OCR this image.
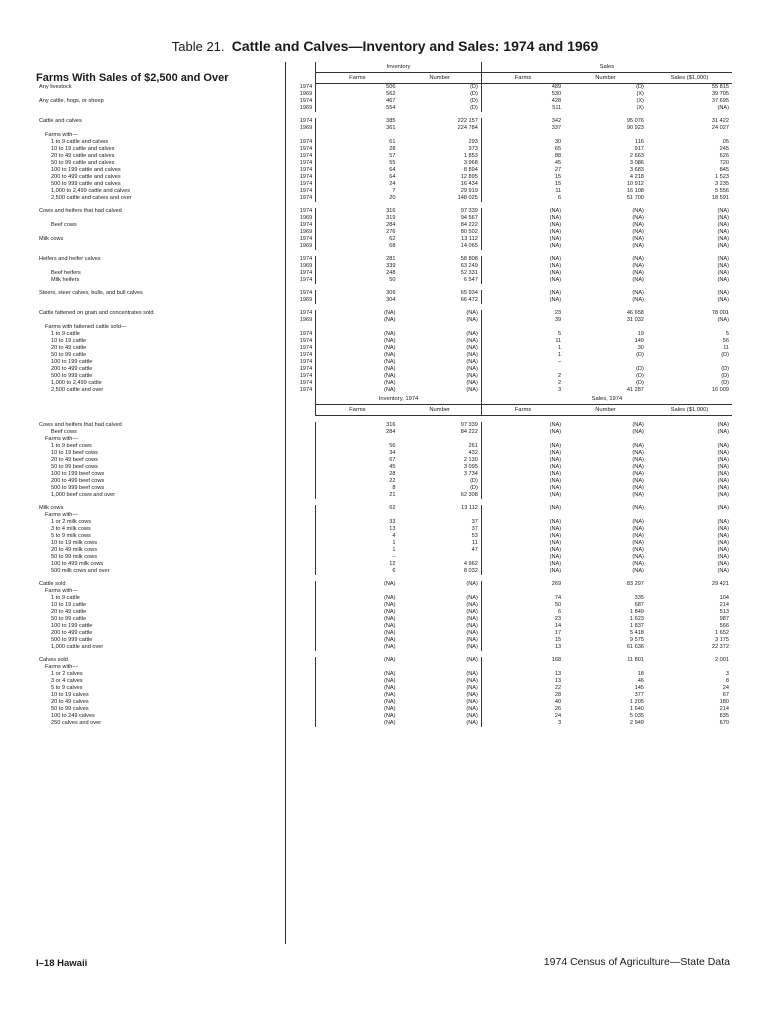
Table 21. Cattle and Calves—Inventory and Sales: 1974 and 1969
Farms With Sales of $2,500 and Over
	Inventory		Sales		
	Farms	Number	Farms	Number	Sales ($1,000)
Any livestock 1974	506	(D)	489	(D)	55 815

1969	562	(D)	530	(X)	39 705
Any cattle, hogs, or sheep 1974	467	(D)	428	(X)	37 695

1969	554	(D)	511	(X)	(NA)

Cattle and calves 1974	385	222 157	342	95 076	31 422

1969	361	224 784	337	90 923	24 027
Farms with—					
1 to 9 cattle and calves 1974	61	293	30	116	05
10 to 19 cattle and calves 1974	28	373	65	917	245
20 to 49 cattle and calves 1974	57	1 853	88	2 663	626
50 to 99 cattle and calves 1974	55	3 968	45	3 086	720
100 to 199 cattle and calves 1974	64	8 894	27	3 683	845
200 to 499 cattle and calves 1974	64	12 895	15	4 218	1 523
500 to 999 cattle and calves 1974	24	16 434	15	10 912	3 235
1,000 to 2,499 cattle and calves 1974	7	29 919	11	16 108	5 556
2,500 cattle and calves and over 1974	20	148 025	6	51 700	18 591

Cows and heifers that had calved 1974	316	97 339	(NA)	(NA)	(NA)

1969	319	94 567	(NA)	(NA)	(NA)
Beef cows 1974	284	84 222	(NA)	(NA)	(NA)

1969	276	80 502	(NA)	(NA)	(NA)
Milk cows 1974	62	13 112	(NA)	(NA)	(NA)

1969	68	14 065	(NA)	(NA)	(NA)

Heifers and heifer calves 1974	281	58 808	(NA)	(NA)	(NA)

1969	339	63 249	(NA)	(NA)	(NA)
Beef heifers 1974	248	52 331	(NA)	(NA)	(NA)
Milk heifers 1974	50	6 547	(NA)	(NA)	(NA)

Steers, steer calves, bulls, and bull calves 1974	309	65 934	(NA)	(NA)	(NA)

1969	304	66 472	(NA)	(NA)	(NA)

Cattle fattened on grain and concentrates sold 1974	(NA)	(NA)	23	46 658	78 001

1969	(NA)	(NA)	39	31 032	(NA)
Farms with fattened cattle sold—					
1 to 9 cattle 1974	(NA)	(NA)	5	19	5
10 to 19 cattle 1974	(NA)	(NA)	11	149	56
20 to 49 cattle 1974	(NA)	(NA)	1	30	11
50 to 99 cattle 1974	(NA)	(NA)	1	(D)	(D)
100 to 199 cattle 1974	(NA)	(NA)	–		
200 to 499 cattle 1974	(NA)	(NA)		(D)	(D)
500 to 999 cattle 1974	(NA)	(NA)	2	(D)	(D)
1,000 to 2,499 cattle 1974	(NA)	(NA)	2	(D)	(D)
2,500 cattle and over 1974	(NA)	(NA)	3	41 287	16 009
	Inventory, 1974		Sales, 1974		
	Farms	Number	Farms	Number	Sales ($1,000)

Cows and heifers that had calved	316	97 339	(NA)	(NA)	(NA)
Beef cows	284	84 222	(NA)	(NA)	(NA)
Farms with—					
1 to 9 beef cows	56	261	(NA)	(NA)	(NA)
10 to 19 beef cows	34	432	(NA)	(NA)	(NA)
20 to 49 beef cows	67	2 130	(NA)	(NA)	(NA)
50 to 99 beef cows	45	3 095	(NA)	(NA)	(NA)
100 to 199 beef cows	28	3 734	(NA)	(NA)	(NA)
200 to 499 beef cows	22	(D)	(NA)	(NA)	(NA)
500 to 999 beef cows	8	(D)	(NA)	(NA)	(NA)
1,000 beef cows and over	21	62 308	(NA)	(NA)	(NA)

Milk cows	62	13 112	(NA)	(NA)	(NA)
Farms with—					
1 or 2 milk cows	33	37	(NA)	(NA)	(NA)
3 to 4 milk cows	13	37	(NA)	(NA)	(NA)
5 to 9 milk cows	4	53	(NA)	(NA)	(NA)
10 to 19 milk cows	1	11	(NA)	(NA)	(NA)
20 to 49 milk cows	1	47	(NA)	(NA)	(NA)
50 to 99 milk cows	–		(NA)	(NA)	(NA)
100 to 499 milk cows	12	4 962	(NA)	(NA)	(NA)
500 milk cows and over	6	8 032	(NA)	(NA)	(NA)

Cattle sold	(NA)	(NA)	269	83 297	29 421
Farms with—					
1 to 9 cattle	(NA)	(NA)	74	335	104
10 to 19 cattle	(NA)	(NA)	50	687	214
20 to 49 cattle	(NA)	(NA)	6	1 849	513
50 to 99 cattle	(NA)	(NA)	23	1 623	987
100 to 199 cattle	(NA)	(NA)	14	1 837	566
200 to 499 cattle	(NA)	(NA)	17	5 418	1 652
500 to 999 cattle	(NA)	(NA)	15	9 575	3 175
1,000 cattle and over	(NA)	(NA)	13	61 636	22 372

Calves sold	(NA)	(NA)	168	11 801	2 001
Farms with—					
1 or 2 calves	(NA)	(NA)	13	18	3
3 or 4 calves	(NA)	(NA)	13	46	8
5 to 9 calves	(NA)	(NA)	22	145	24
10 to 19 calves	(NA)	(NA)	28	377	67
20 to 49 calves	(NA)	(NA)	40	1 205	180
50 to 99 calves	(NA)	(NA)	26	1 640	214
100 to 249 calves	(NA)	(NA)	24	5 035	835
250 calves and over	(NA)	(NA)	3	2 949	670
I–18 Hawaii	1974 Census of Agriculture—State Data
